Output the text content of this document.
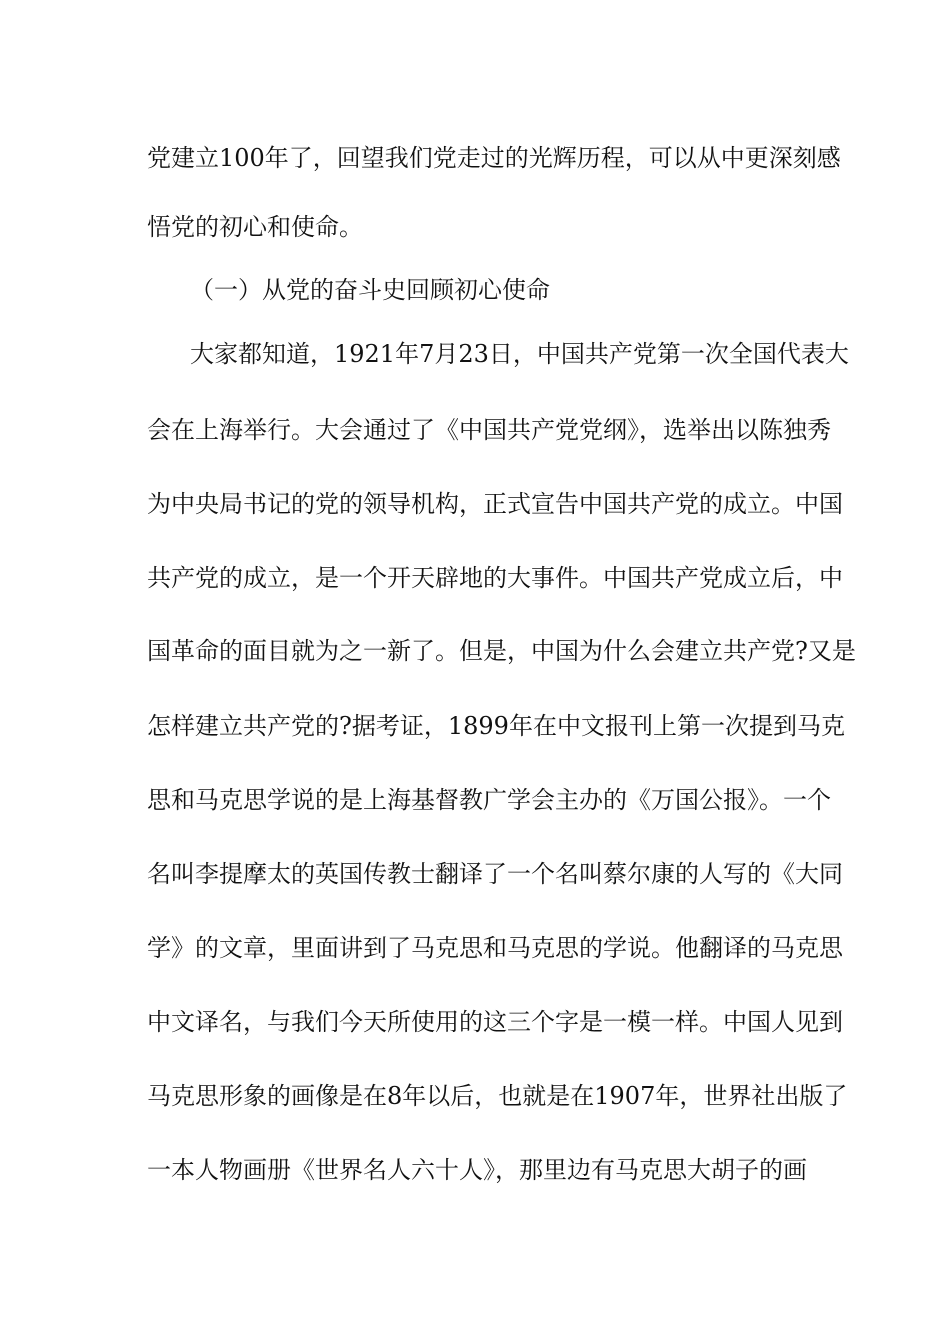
党建立100年了，回望我们党走过的光辉历程，可以从中更深刻感
悟党的初心和使命。
（一）从党的奋斗史回顾初心使命
大家都知道，1921年7月23日，中国共产党第一次全国代表大
会在上海举行。大会通过了《中国共产党党纲》，选举出以陈独秀
为中央局书记的党的领导机构，正式宣告中国共产党的成立。中国
共产党的成立，是一个开天辟地的大事件。中国共产党成立后，中
国革命的面目就为之一新了。但是，中国为什么会建立共产党?又是
怎样建立共产党的?据考证，1899年在中文报刊上第一次提到马克
思和马克思学说的是上海基督教广学会主办的《万国公报》。一个
名叫李提摩太的英国传教士翻译了一个名叫蔡尔康的人写的《大同
学》的文章，里面讲到了马克思和马克思的学说。他翻译的马克思
中文译名，与我们今天所使用的这三个字是一模一样。中国人见到
马克思形象的画像是在8年以后，也就是在1907年，世界社出版了
一本人物画册《世界名人六十人》，那里边有马克思大胡子的画
